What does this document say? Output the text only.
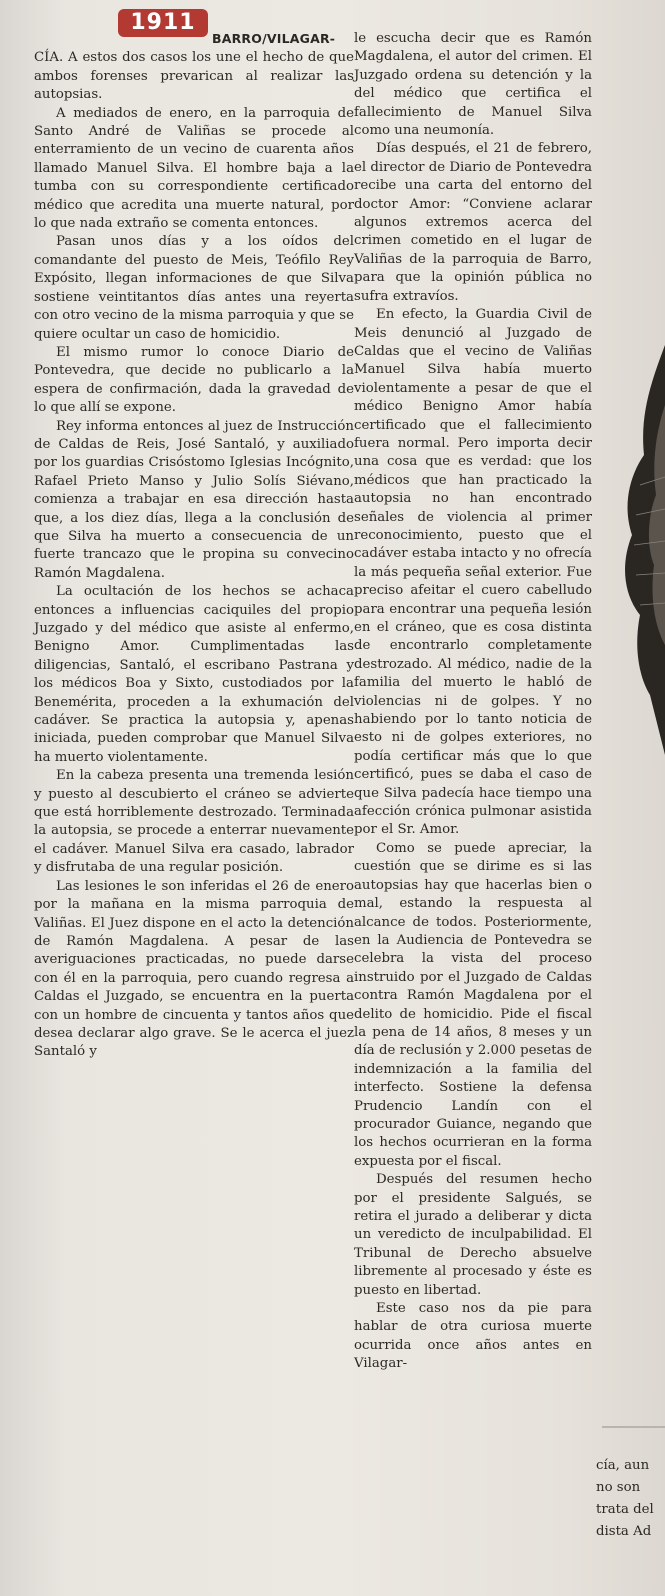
1911

BARRO/VILAGAR- CÍA. A estos dos casos los une el hecho de que ambos forenses prevarican al realizar las autopsias.

A mediados de enero, en la parroquia de Santo André de Valiñas se procede al enterramiento de un vecino de cuarenta años llamado Manuel Silva. El hombre baja a la tumba con su correspondiente certificado médico que acredita una muerte natural, por lo que nada extraño se comenta entonces.

Pasan unos días y a los oídos del comandante del puesto de Meis, Teófilo Rey Expósito, llegan informaciones de que Silva sostiene veintitantos días antes una reyerta con otro vecino de la misma parroquia y que se quiere ocultar un caso de homicidio.

El mismo rumor lo conoce Diario de Pontevedra, que decide no publicarlo a la espera de confirmación, dada la gravedad de lo que allí se expone.

Rey informa entonces al juez de Instrucción de Caldas de Reis, José Santaló, y auxiliado por los guardias Crisóstomo Iglesias Incógnito, Rafael Prieto Manso y Julio Solís Siévano, comienza a trabajar en esa dirección hasta que, a los diez días, llega a la conclusión de que Silva ha muerto a consecuencia de un fuerte trancazo que le propina su convecino Ramón Magdalena.

La ocultación de los hechos se achaca entonces a influencias caciquiles del propio Juzgado y del médico que asiste al enfermo, Benigno Amor. Cumplimentadas las diligencias, Santaló, el escribano Pastrana y los médicos Boa y Sixto, custodiados por la Benemérita, proceden a la exhumación del cadáver. Se practica la autopsia y, apenas iniciada, pueden comprobar que Manuel Silva ha muerto violentamente.

En la cabeza presenta una tremenda lesión y puesto al descubierto el cráneo se advierte que está horriblemente destrozado. Terminada la autopsia, se procede a enterrar nuevamente el cadáver. Manuel Silva era casado, labrador y disfrutaba de una regular posición.

Las lesiones le son inferidas el 26 de enero por la mañana en la misma parroquia de Valiñas. El Juez dispone en el acto la detención de Ramón Magdalena. A pesar de las averiguaciones practicadas, no puede darse con él en la parroquia, pero cuando regresa a Caldas el Juzgado, se encuentra en la puerta con un hombre de cincuenta y tantos años que desea declarar algo grave. Se le acerca el juez Santaló y

le escucha decir que es Ramón Magdalena, el autor del crimen. El Juzgado ordena su detención y la del médico que certifica el fallecimiento de Manuel Silva como una neumonía.

Días después, el 21 de febrero, el director de Diario de Pontevedra recibe una carta del entorno del doctor Amor: “Conviene aclarar algunos extremos acerca del crimen cometido en el lugar de Valiñas de la parroquia de Barro, para que la opinión pública no sufra extravíos.

En efecto, la Guardia Civil de Meis denunció al Juzgado de Caldas que el vecino de Valiñas Manuel Silva había muerto violentamente a pesar de que el médico Benigno Amor había certificado que el fallecimiento fuera normal. Pero importa decir una cosa que es verdad: que los médicos que han practicado la autopsia no han encontrado señales de violencia al primer reconocimiento, puesto que el cadáver estaba intacto y no ofrecía la más pequeña señal exterior. Fue preciso afeitar el cuero cabelludo para encontrar una pequeña lesión en el cráneo, que es cosa distinta de encontrarlo completamente destrozado. Al médico, nadie de la familia del muerto le habló de violencias ni de golpes. Y no habiendo por lo tanto noticia de esto ni de golpes exteriores, no podía certificar más que lo que certificó, pues se daba el caso de que Silva padecía hace tiempo una afección crónica pulmonar asistida por el Sr. Amor.

Como se puede apreciar, la cuestión que se dirime es si las autopsias hay que hacerlas bien o mal, estando la respuesta al alcance de todos. Posteriormente, en la Audiencia de Pontevedra se celebra la vista del proceso instruido por el Juzgado de Caldas contra Ramón Magdalena por el delito de homicidio. Pide el fiscal la pena de 14 años, 8 meses y un día de reclusión y 2.000 pesetas de indemnización a la familia del interfecto. Sostiene la defensa Prudencio Landín con el procurador Guiance, negando que los hechos ocurrieran en la forma expuesta por el fiscal.

Después del resumen hecho por el presidente Salgués, se retira el jurado a deliberar y dicta un veredicto de inculpabilidad. El Tribunal de Derecho absuelve libremente al procesado y éste es puesto en libertad.

Este caso nos da pie para hablar de otra curiosa muerte ocurrida once años antes en Vilagar-

cía, aun
no son
trata del
dista Ad
